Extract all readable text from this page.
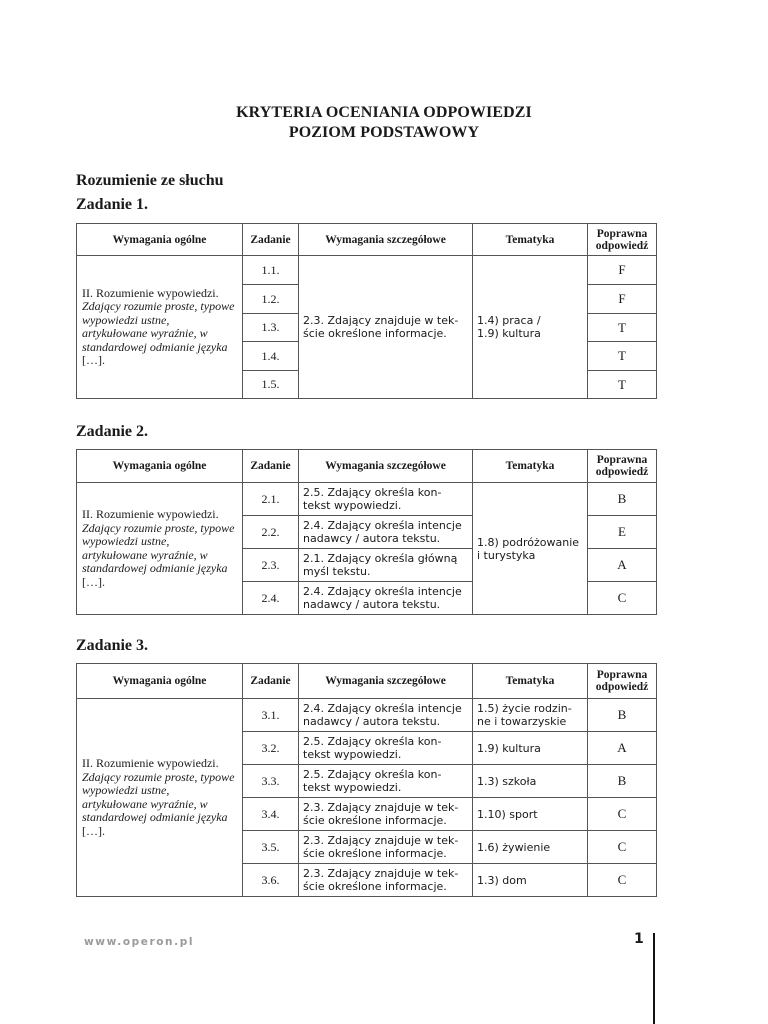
KRYTERIA OCENIANIA ODPOWIEDZI
POZIOM PODSTAWOWY
Rozumienie ze słuchu
Zadanie 1.
Wymagania ogólne	Zadanie	Wymagania szczegółowe	Tematyka	Poprawna
odpowiedź
II. Rozumienie wypowiedzi. Zdający rozumie proste, typowe wypowiedzi ustne, artykułowane wyraźnie, w standardowej odmianie języka […].	1.1.	2.3. Zdający znajduje w tek-
ście określone informacje.	1.4) praca /
1.9) kultura	F
	1.2.			F
	1.3.			T
	1.4.			T
	1.5.			T
Zadanie 2.
Wymagania ogólne	Zadanie	Wymagania szczegółowe	Tematyka	Poprawna
odpowiedź
II. Rozumienie wypowiedzi. Zdający rozumie proste, typowe wypowiedzi ustne, artykułowane wyraźnie, w standardowej odmianie języka […].	2.1.	2.5. Zdający określa kon-
tekst wypowiedzi.	1.8) podróżowanie
i turystyka	B
	2.2.	2.4. Zdający określa intencje
nadawcy / autora tekstu.		E
	2.3.	2.1. Zdający określa główną
myśl tekstu.		A
	2.4.	2.4. Zdający określa intencje
nadawcy / autora tekstu.		C
Zadanie 3.
Wymagania ogólne	Zadanie	Wymagania szczegółowe	Tematyka	Poprawna
odpowiedź
II. Rozumienie wypowiedzi. Zdający rozumie proste, typowe wypowiedzi ustne, artykułowane wyraźnie, w standardowej odmianie języka […].	3.1.	2.4. Zdający określa intencje
nadawcy / autora tekstu.	1.5) życie rodzin-
ne i towarzyskie	B
	3.2.	2.5. Zdający określa kon-
tekst wypowiedzi.	1.9) kultura	A
	3.3.	2.5. Zdający określa kon-
tekst wypowiedzi.	1.3) szkoła	B
	3.4.	2.3. Zdający znajduje w tek-
ście określone informacje.	1.10) sport	C
	3.5.	2.3. Zdający znajduje w tek-
ście określone informacje.	1.6) żywienie	C
	3.6.	2.3. Zdający znajduje w tek-
ście określone informacje.	1.3) dom	C
www.operon.pl	1
